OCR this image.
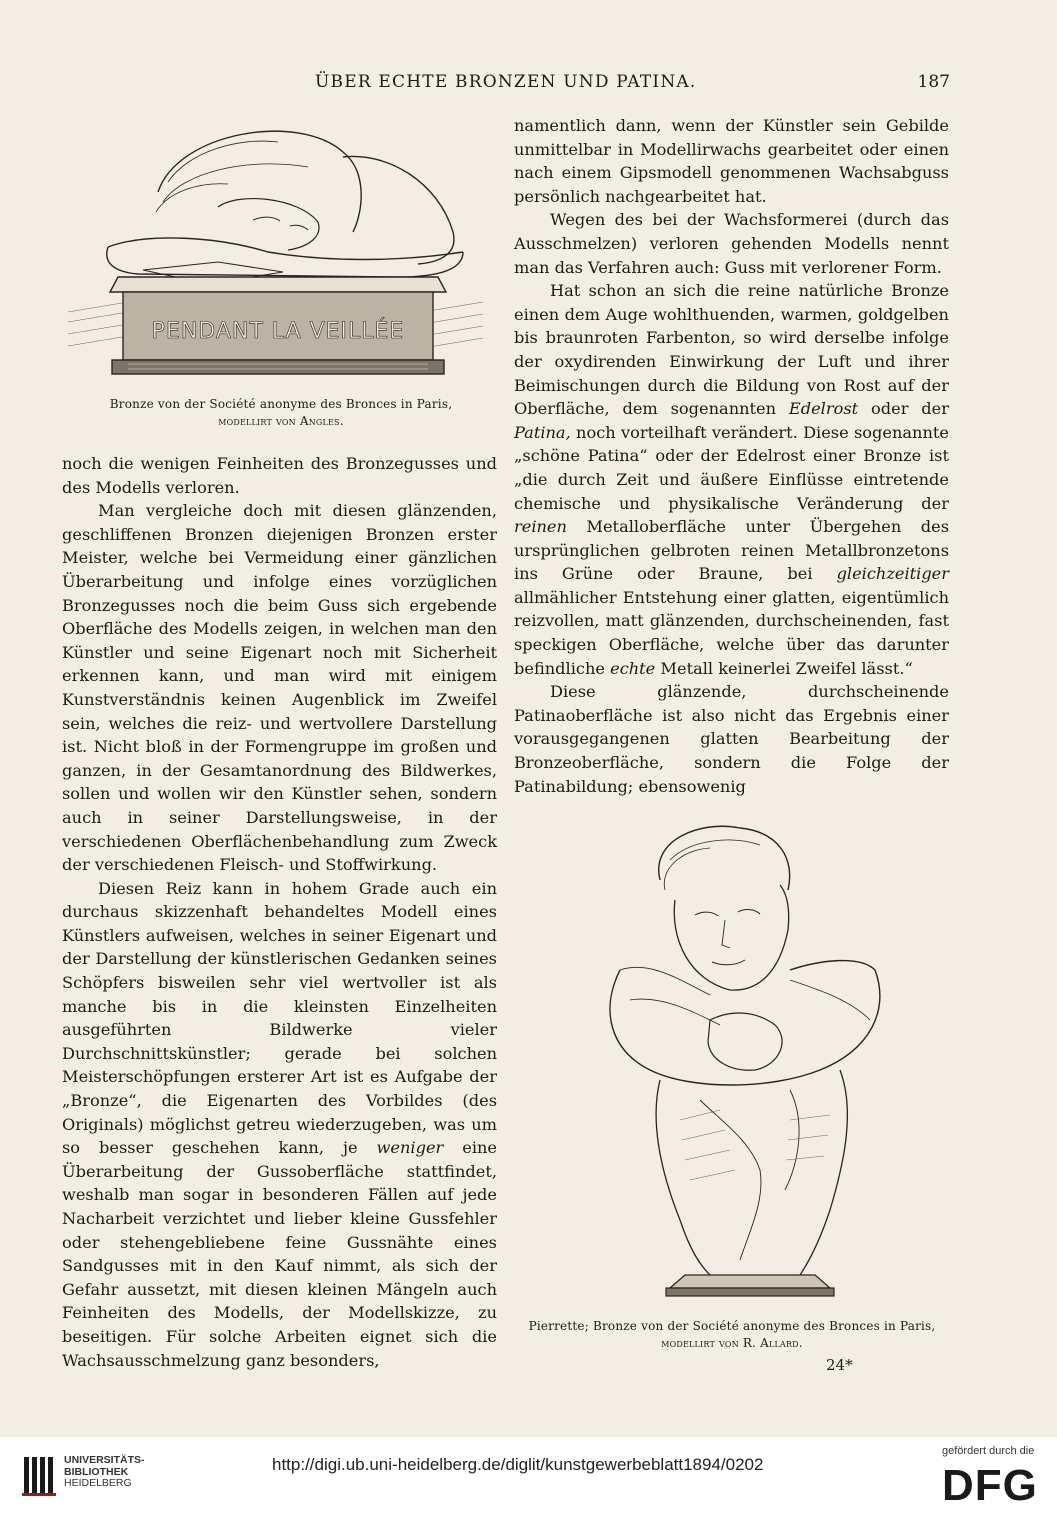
ÜBER ECHTE BRONZEN UND PATINA.	187
PENDANT LA VEILLÉE
Bronze von der Société anonyme des Bronces in Paris,
modellirt von Angles.

noch die wenigen Feinheiten des Bronzegusses und des Modells verloren.

Man vergleiche doch mit diesen glänzenden, geschliffenen Bronzen diejenigen Bronzen erster Meister, welche bei Vermeidung einer gänzlichen Überarbeitung und infolge eines vorzüglichen Bronzegusses noch die beim Guss sich ergebende Oberfläche des Modells zeigen, in welchen man den Künstler und seine Eigenart noch mit Sicherheit erkennen kann, und man wird mit einigem Kunstverständnis keinen Augenblick im Zweifel sein, welches die reiz- und wertvollere Darstellung ist. Nicht bloß in der Formengruppe im großen und ganzen, in der Gesamtanordnung des Bildwerkes, sollen und wollen wir den Künstler sehen, sondern auch in seiner Darstellungsweise, in der verschiedenen Oberflächenbehandlung zum Zweck der verschiedenen Fleisch- und Stoffwirkung.

Diesen Reiz kann in hohem Grade auch ein durchaus skizzenhaft behandeltes Modell eines Künstlers aufweisen, welches in seiner Eigenart und der Darstellung der künstlerischen Gedanken seines Schöpfers bisweilen sehr viel wertvoller ist als manche bis in die kleinsten Einzelheiten ausgeführten Bildwerke vieler Durchschnittskünstler; gerade bei solchen Meisterschöpfungen ersterer Art ist es Aufgabe der „Bronze“, die Eigenarten des Vorbildes (des Originals) möglichst getreu wiederzugeben, was um so besser geschehen kann, je weniger eine Überarbeitung der Gussoberfläche stattfindet, weshalb man sogar in besonderen Fällen auf jede Nacharbeit verzichtet und lieber kleine Gussfehler oder stehengebliebene feine Gussnähte eines Sandgusses mit in den Kauf nimmt, als sich der Gefahr aussetzt, mit diesen kleinen Mängeln auch Feinheiten des Modells, der Modellskizze, zu beseitigen. Für solche Arbeiten eignet sich die Wachsausschmelzung ganz besonders,

namentlich dann, wenn der Künstler sein Gebilde unmittelbar in Modellirwachs gearbeitet oder einen nach einem Gipsmodell genommenen Wachsabguss persönlich nachgearbeitet hat.

Wegen des bei der Wachsformerei (durch das Ausschmelzen) verloren gehenden Modells nennt man das Verfahren auch: Guss mit verlorener Form.

Hat schon an sich die reine natürliche Bronze einen dem Auge wohlthuenden, warmen, goldgelben bis braunroten Farbenton, so wird derselbe infolge der oxydirenden Einwirkung der Luft und ihrer Beimischungen durch die Bildung von Rost auf der Oberfläche, dem sogenannten Edelrost oder der Patina, noch vorteilhaft verändert. Diese sogenannte „schöne Patina“ oder der Edelrost einer Bronze ist „die durch Zeit und äußere Einflüsse eintretende chemische und physikalische Veränderung der reinen Metalloberfläche unter Übergehen des ursprünglichen gelbroten reinen Metallbronzetons ins Grüne oder Braune, bei gleichzeitiger allmählicher Entstehung einer glatten, eigentümlich reizvollen, matt glänzenden, durchscheinenden, fast speckigen Oberfläche, welche über das darunter befindliche echte Metall keinerlei Zweifel lässt.“

Diese glänzende, durchscheinende Patinaoberfläche ist also nicht das Ergebnis einer vorausgegangenen glatten Bearbeitung der Bronzeoberfläche, sondern die Folge der Patinabildung; ebensowenig

Pierrette; Bronze von der Société anonyme des Bronces in Paris,
modellirt von R. Allard.
24*
UNIVERSITÄTS-
BIBLIOTHEK
HEIDELBERG
http://digi.ub.uni-heidelberg.de/diglit/kunstgewerbeblatt1894/0202
gefördert durch die
DFG
